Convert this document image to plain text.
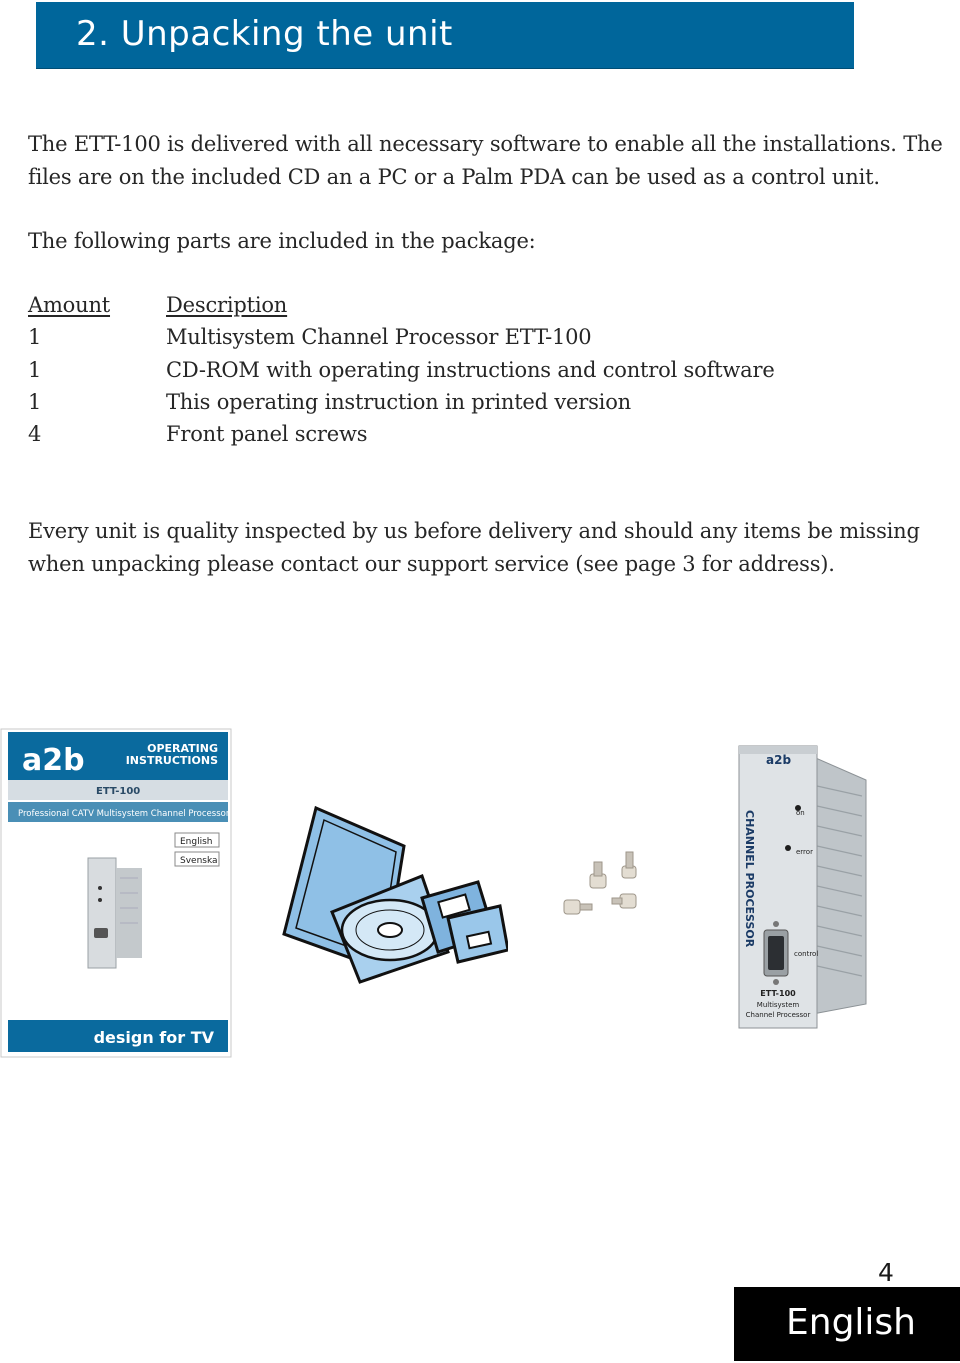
2. Unpacking the unit
The ETT-100 is delivered with all necessary software to enable all the installations. The files are on the included CD an a PC or a Palm PDA can be used as a control unit.
The following parts are included in the package:
Amount	Description
1	Multisystem Channel Processor ETT-100
1	CD-ROM with operating instructions and control software
1	This operating instruction in printed version
4	Front panel screws
Every unit is quality inspected by us before delivery and should any items be missing when unpacking please contact our support service (see page 3 for address).
a2b	OPERATING
INSTRUCTIONS
ETT-100
Professional CATV Multisystem Channel Processor
English
Svenska
design for TV
a2b
CHANNEL PROCESSOR	on
error
control
ETT-100
Multisystem
Channel Processor
4
English
